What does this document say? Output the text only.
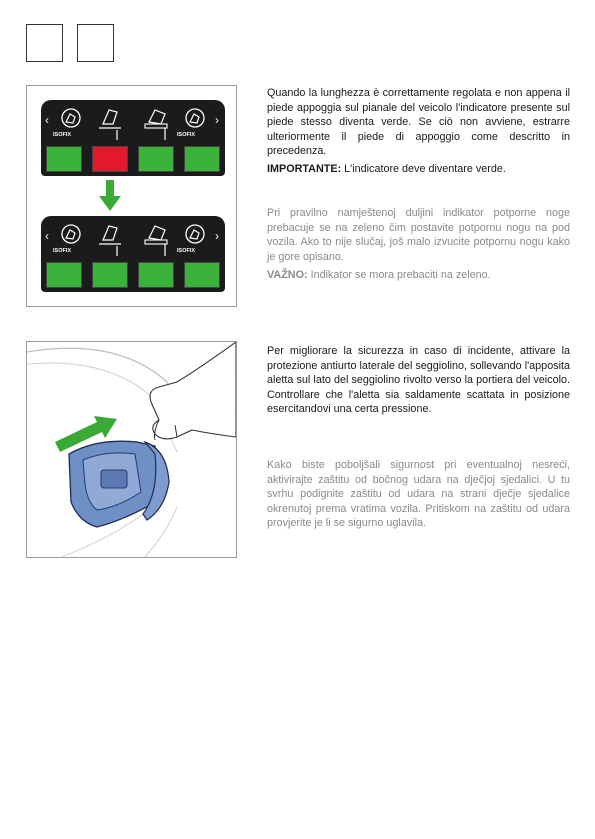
‹	›
ISOFIX	ISOFIX
‹	›
ISOFIX	ISOFIX

Quando la lunghezza è correttamente regolata e non appena il piede appoggia sul pianale del veicolo l'indicatore presente sul piede stesso diventa verde. Se ciò non avviene, estrarre ulteriormente il piede di appoggio come descritto in precedenza.

IMPORTANTE: L'indicatore deve diventare verde.

Pri pravilno namještenoj duljini indikator potporne noge prebacuje se na zeleno čim postavite potpornu nogu na pod vozila. Ako to nije slučaj, još malo izvucite potpornu nogu kako je gore opisano.

VAŽNO: Indikator se mora prebaciti na zeleno.

Per migliorare la sicurezza in caso di incidente, attivare la protezione antiurto laterale del seggiolino, sollevando l'apposita aletta sul lato del seggiolino rivolto verso la portiera del veicolo. Controllare che l'aletta sia saldamente scattata in posizione esercitandovi una certa pressione.

Kako biste poboljšali sigurnost pri eventualnoj nesreći, aktivirajte zaštitu od bočnog udara na dječjoj sjedalici. U tu svrhu podignite zaštitu od udara na strani dječje sjedalice okrenutoj prema vratima vozila. Pritiskom na zaštitu od udara provjerite je li se sigurno uglavila.
